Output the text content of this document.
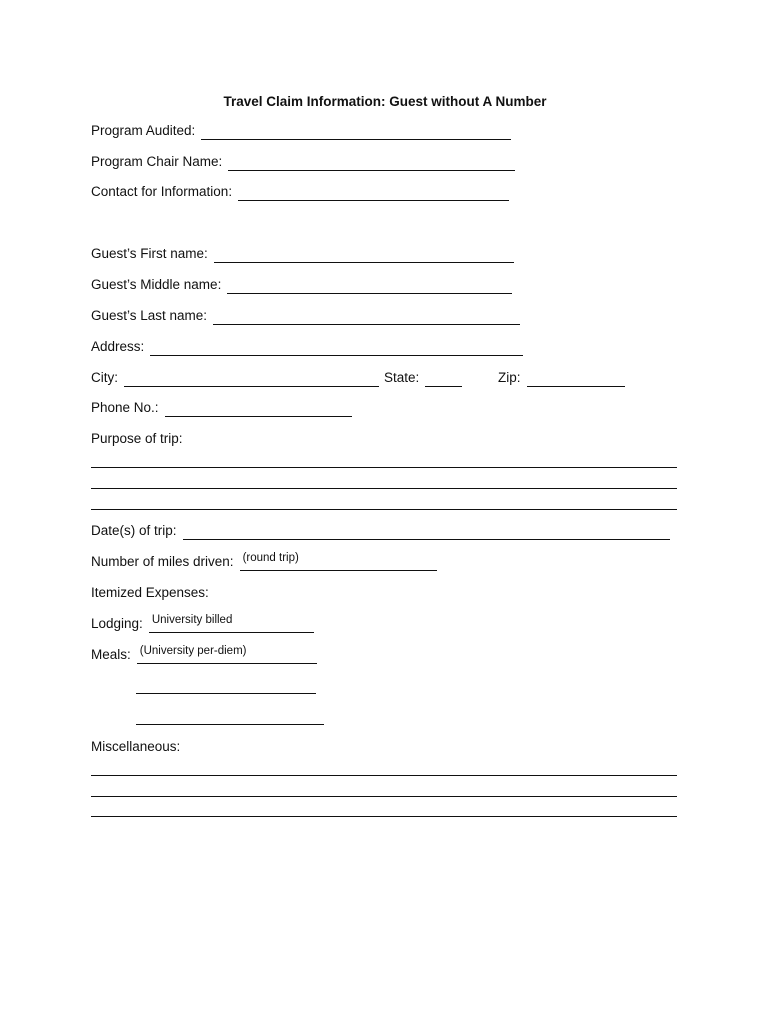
Travel Claim Information: Guest without A Number
Program Audited:
Program Chair Name:
Contact for Information:
Guest’s First name:
Guest’s Middle name:
Guest’s Last name:
Address:
City:	State:	Zip:
Phone No.:
Purpose of trip:
Date(s) of trip:
Number of miles driven: (round trip)
Itemized Expenses:
Lodging: University billed
Meals: (University per-diem)
Miscellaneous:
